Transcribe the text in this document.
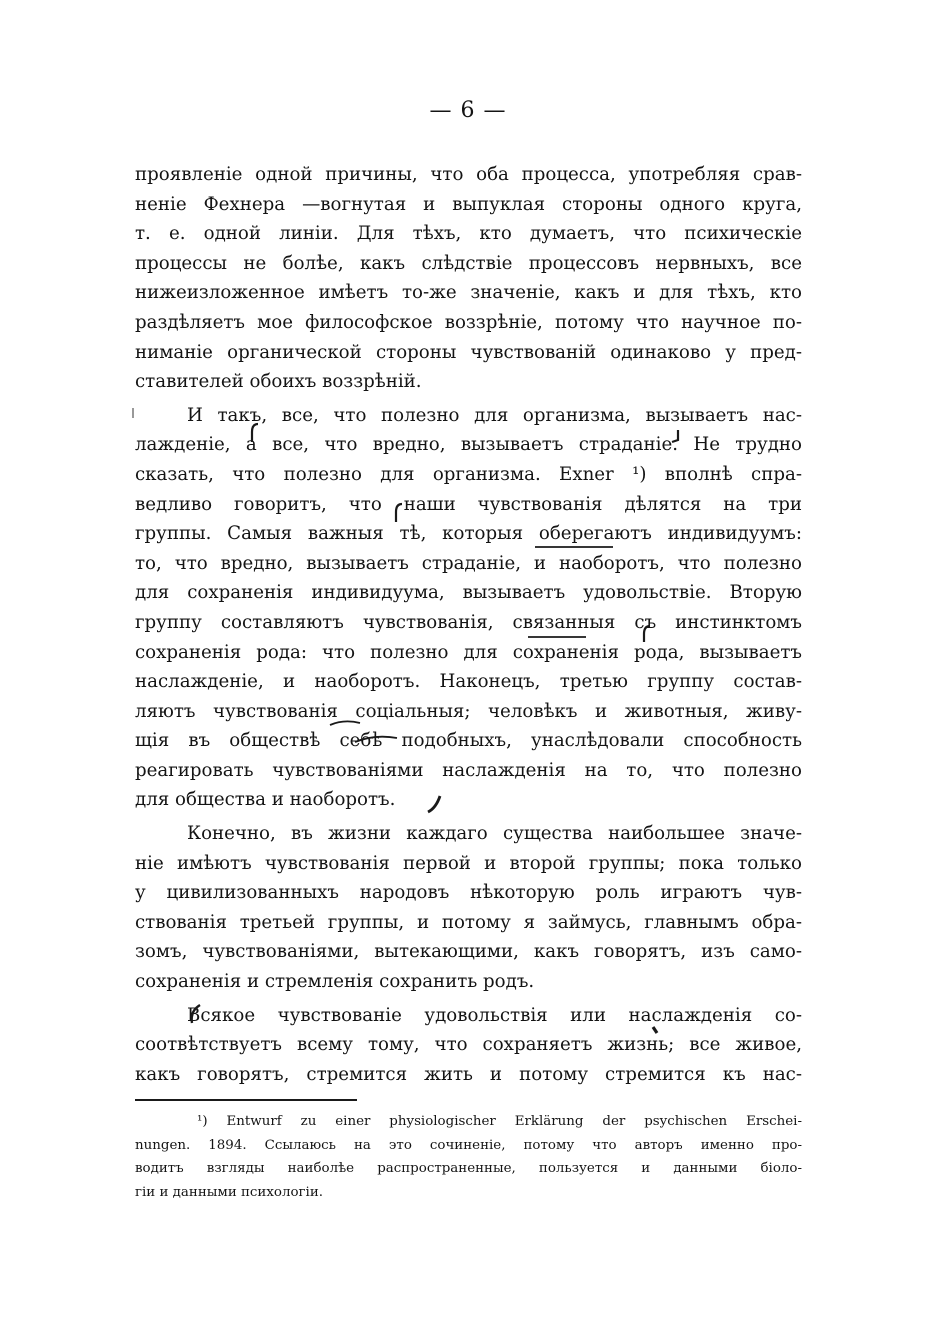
— 6 —
проявленіе одной причины, что оба процесса, употребляя срав-
неніе Фехнера —вогнутая и выпуклая стороны одного круга,
т. е. одной линіи. Для тѣхъ, кто думаетъ, что психическіе
процессы не болѣе, какъ слѣдствіе процессовъ нервныхъ, все
нижеизложенное имѣетъ то-же значеніе, какъ и для тѣхъ, кто
раздѣляетъ мое философское воззрѣніе, потому что научное по-
ниманіе органической стороны чувствованій одинаково у пред-
ставителей обоихъ воззрѣній.
И такъ, все, что полезно для организма, вызываетъ нас-
лажденіе, а все, что вредно, вызываетъ страданіе. Не трудно
сказать, что полезно для организма. Exner ¹) вполнѣ спра-
ведливо говоритъ, что наши чувствованія дѣлятся на три
группы. Самыя важныя тѣ, которыя оберегаютъ индивидуумъ:
то, что вредно, вызываетъ страданіе, и наоборотъ, что полезно
для сохраненія индивидуума, вызываетъ удовольствіе. Вторую
группу составляютъ чувствованія, связанныя съ инстинктомъ
сохраненія рода: что полезно для сохраненія рода, вызываетъ
наслажденіе, и наоборотъ. Наконецъ, третью группу состав-
ляютъ чувствованія соціальныя; человѣкъ и животныя, живу-
щія въ обществѣ себѣ подобныхъ, унаслѣдовали способность
реагировать чувствованіями наслажденія на то, что полезно
для общества и наоборотъ.
Конечно, въ жизни каждаго существа наибольшее значе-
ніе имѣютъ чувствованія первой и второй группы; пока только
у цивилизованныхъ народовъ нѣкоторую роль играютъ чув-
ствованія третьей группы, и потому я займусь, главнымъ обра-
зомъ, чувствованіями, вытекающими, какъ говорятъ, изъ само-
сохраненія и стремленія сохранить родъ.
Всякое чувствованіе удовольствія или наслажденія со-
соотвѣтствуетъ всему тому, что сохраняетъ жизнь; все живое,
какъ говорятъ, стремится жить и потому стремится къ нас-
¹) Entwurf zu einer physiologischer Erklärung der psychischen Erschei-
nungen. 1894. Ссылаюсь на это сочиненіе, потому что авторъ именно про-
водитъ взгляды наиболѣе распространенные, пользуется и данными біоло-
гіи и данными психологіи.
